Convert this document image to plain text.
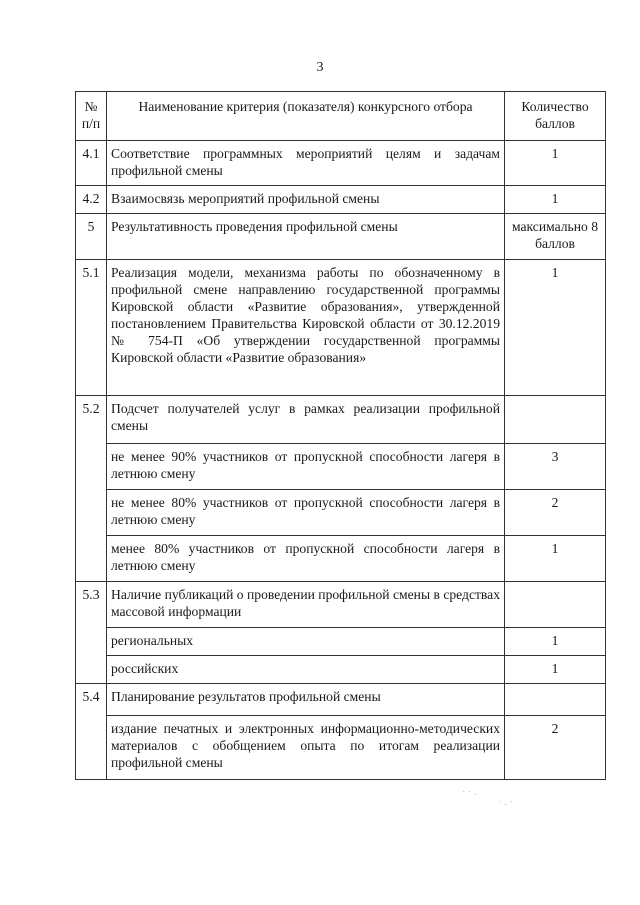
3
№ п/п	Наименование критерия (показателя) конкурсного отбора	Количество баллов
4.1	Соответствие программных мероприятий целям и задачам профильной смены	1
4.2	Взаимосвязь мероприятий профильной смены	1
5	Результативность проведения профильной смены	максимально 8 баллов
5.1	Реализация модели, механизма работы по обозначенному в профильной смене направлению государственной программы Кировской области «Развитие образования», утвержденной постановлением Правительства Кировской области от 30.12.2019 № 754-П «Об утверждении государственной программы Кировской области «Развитие образования»	1
5.2	Подсчет получателей услуг в рамках реализации профильной смены	
	не менее 90% участников от пропускной способности лагеря в летнюю смену	3
	не менее 80% участников от пропускной способности лагеря в летнюю смену	2
	менее 80% участников от пропускной способности лагеря в летнюю смену	1
5.3	Наличие публикаций о проведении профильной смены в средствах массовой информации	
	региональных	1
	российских	1
5.4	Планирование результатов профильной смены	
	издание печатных и электронных информационно-методических материалов с обобщением опыта по итогам реализации профильной смены	2
˙ ˙ ·
˙ · ˙
